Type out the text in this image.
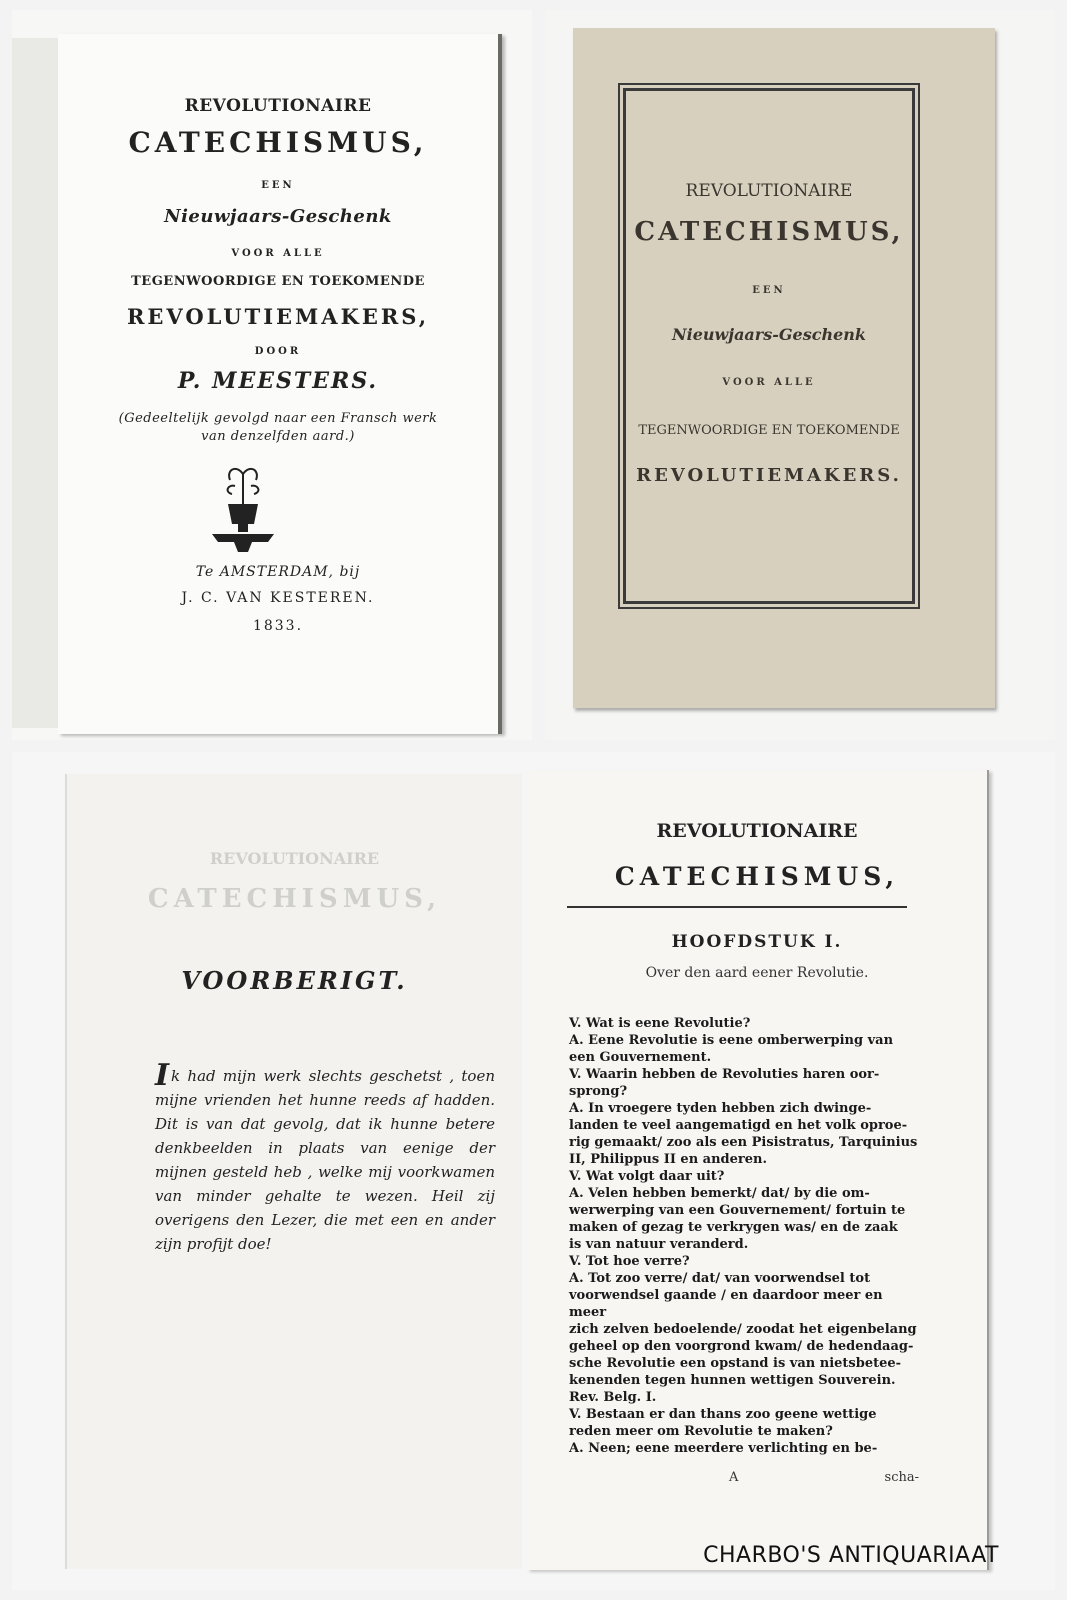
REVOLUTIONAIRE
CATECHISMUS,
EEN
Nieuwjaars-Geschenk
VOOR ALLE
TEGENWOORDIGE EN TOEKOMENDE
REVOLUTIEMAKERS,
DOOR
P. MEESTERS.
(Gedeeltelijk gevolgd naar een Fransch werk
van denzelfden aard.)
Te AMSTERDAM, bij
J. C. VAN KESTEREN.
1833.
REVOLUTIONAIRE
CATECHISMUS,
EEN
Nieuwjaars-Geschenk
VOOR ALLE
TEGENWOORDIGE EN TOEKOMENDE
REVOLUTIEMAKERS.
REVOLUTIONAIRE
CATECHISMUS,
VOORBERIGT.
Ik had mijn werk slechts geschetst , toen mijne vrienden het hunne reeds af hadden. Dit is van dat gevolg, dat ik hunne betere denkbeelden in plaats van eenige der mijnen gesteld heb , welke mij voorkwamen van minder gehalte te wezen. Heil zij overigens den Lezer, die met een en ander zijn profijt doe!
REVOLUTIONAIRE
CATECHISMUS,
HOOFDSTUK I.
Over den aard eener Revolutie.
V. Wat is eene Revolutie?
A. Eene Revolutie is eene omberwerping van
een Gouvernement.
V. Waarin hebben de Revoluties haren oor-
sprong?
A. In vroegere tyden hebben zich dwinge-
landen te veel aangematigd en het volk oproe-
rig gemaakt/ zoo als een Pisistratus, Tarquinius
II, Philippus II en anderen.
V. Wat volgt daar uit?
A. Velen hebben bemerkt/ dat/ by die om-
werwerping van een Gouvernement/ fortuin te
maken of gezag te verkrygen was/ en de zaak
is van natuur veranderd.
V. Tot hoe verre?
A. Tot zoo verre/ dat/ van voorwendsel tot
voorwendsel gaande / en daardoor meer en meer
zich zelven bedoelende/ zoodat het eigenbelang
geheel op den voorgrond kwam/ de hedendaag-
sche Revolutie een opstand is van nietsbetee-
kenenden tegen hunnen wettigen Souverein.
Rev. Belg. I.
V. Bestaan er dan thans zoo geene wettige
reden meer om Revolutie te maken?
A. Neen; eene meerdere verlichting en be-
A	scha-
CHARBO'S ANTIQUARIAAT
